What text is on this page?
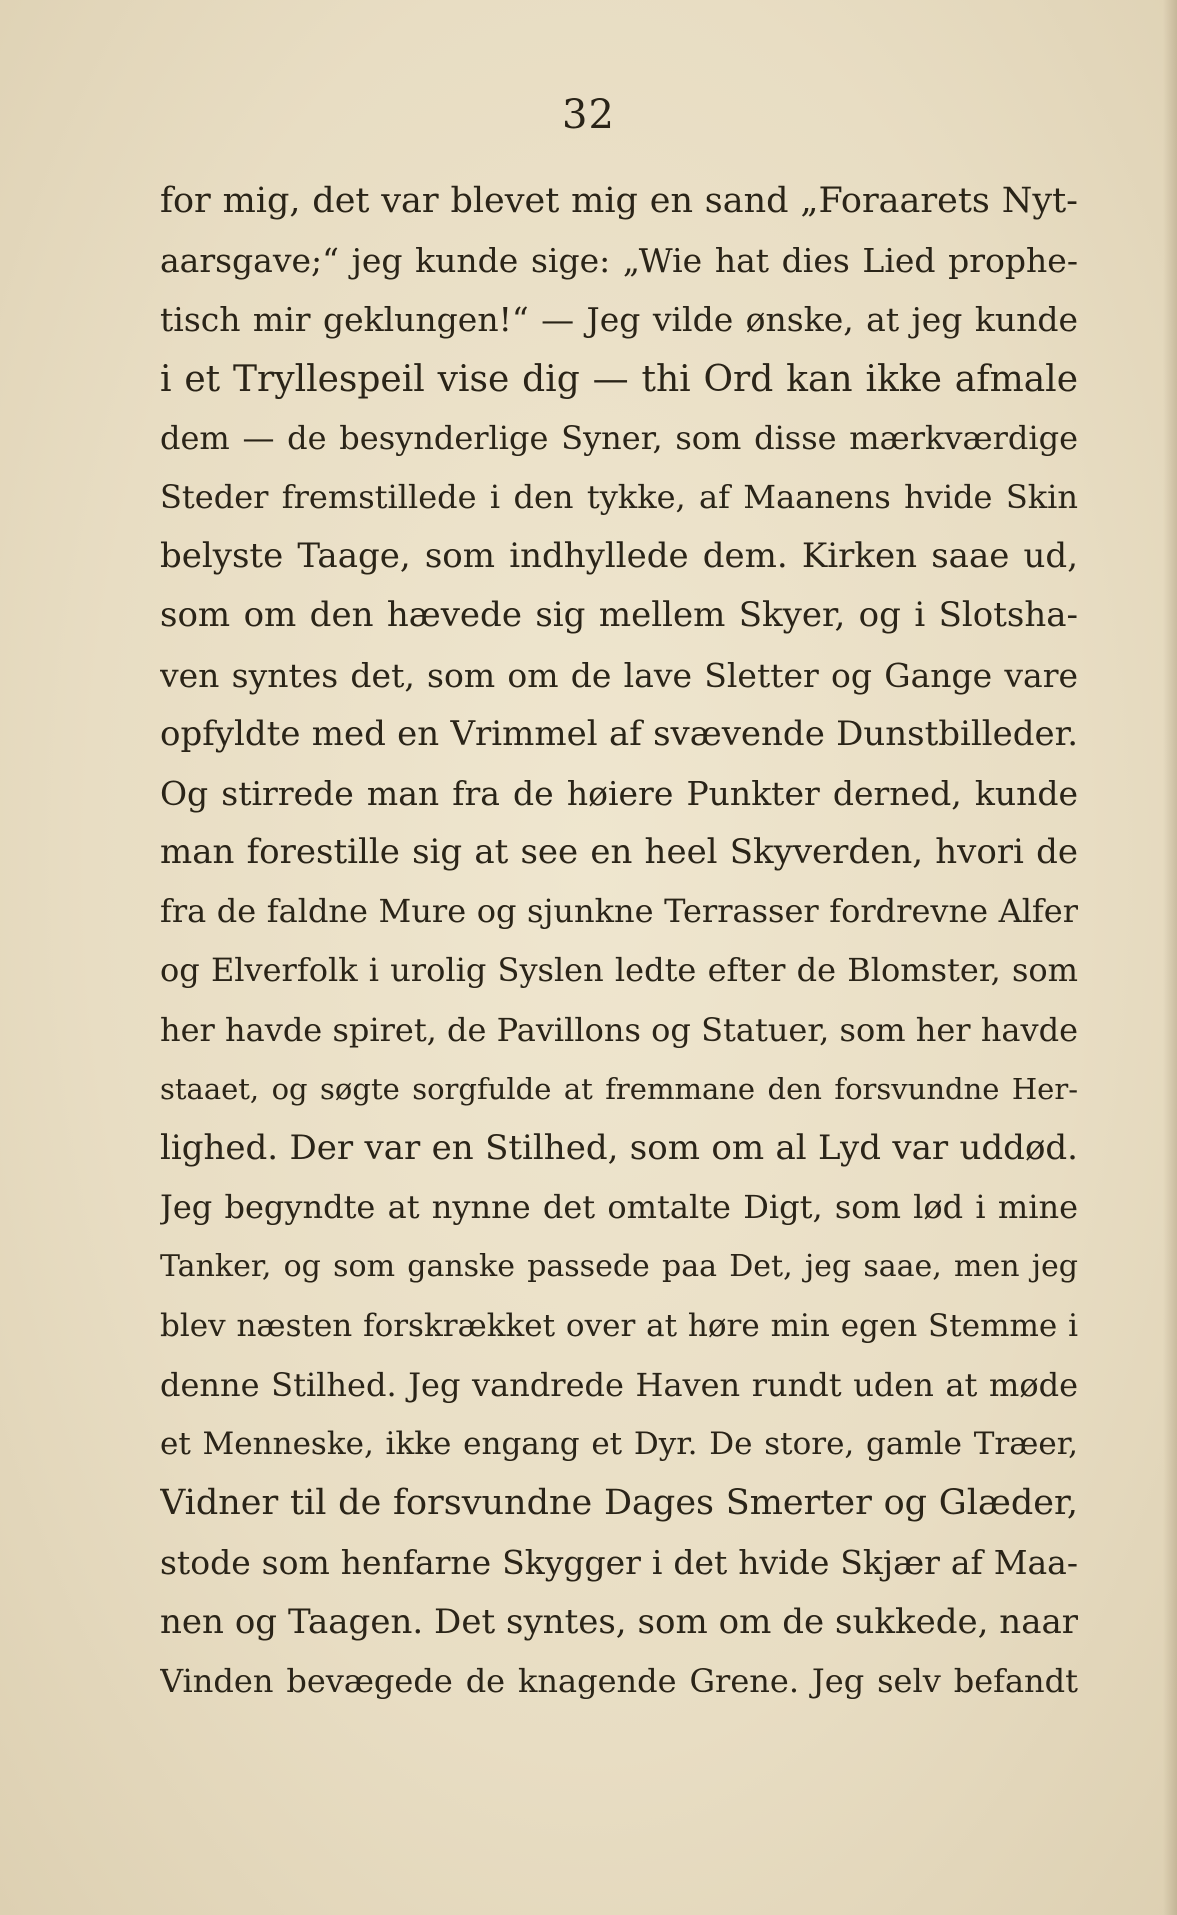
32
for mig, det var blevet mig en sand „Foraarets Nyt-
aarsgave;“ jeg kunde sige: „Wie hat dies Lied prophe-
tisch mir geklungen!“ — Jeg vilde ønske, at jeg kunde
i et Tryllespeil vise dig — thi Ord kan ikke afmale
dem — de besynderlige Syner, som disse mærkværdige
Steder fremstillede i den tykke, af Maanens hvide Skin
belyste Taage, som indhyllede dem. Kirken saae ud,
som om den hævede sig mellem Skyer, og i Slotsha-
ven syntes det, som om de lave Sletter og Gange vare
opfyldte med en Vrimmel af svævende Dunstbilleder.
Og stirrede man fra de høiere Punkter derned, kunde
man forestille sig at see en heel Skyverden, hvori de
fra de faldne Mure og sjunkne Terrasser fordrevne Alfer
og Elverfolk i urolig Syslen ledte efter de Blomster, som
her havde spiret, de Pavillons og Statuer, som her havde
staaet, og søgte sorgfulde at fremmane den forsvundne Her-
lighed. Der var en Stilhed, som om al Lyd var uddød.
Jeg begyndte at nynne det omtalte Digt, som lød i mine
Tanker, og som ganske passede paa Det, jeg saae, men jeg
blev næsten forskrækket over at høre min egen Stemme i
denne Stilhed. Jeg vandrede Haven rundt uden at møde
et Menneske, ikke engang et Dyr. De store, gamle Træer,
Vidner til de forsvundne Dages Smerter og Glæder,
stode som henfarne Skygger i det hvide Skjær af Maa-
nen og Taagen. Det syntes, som om de sukkede, naar
Vinden bevægede de knagende Grene. Jeg selv befandt
